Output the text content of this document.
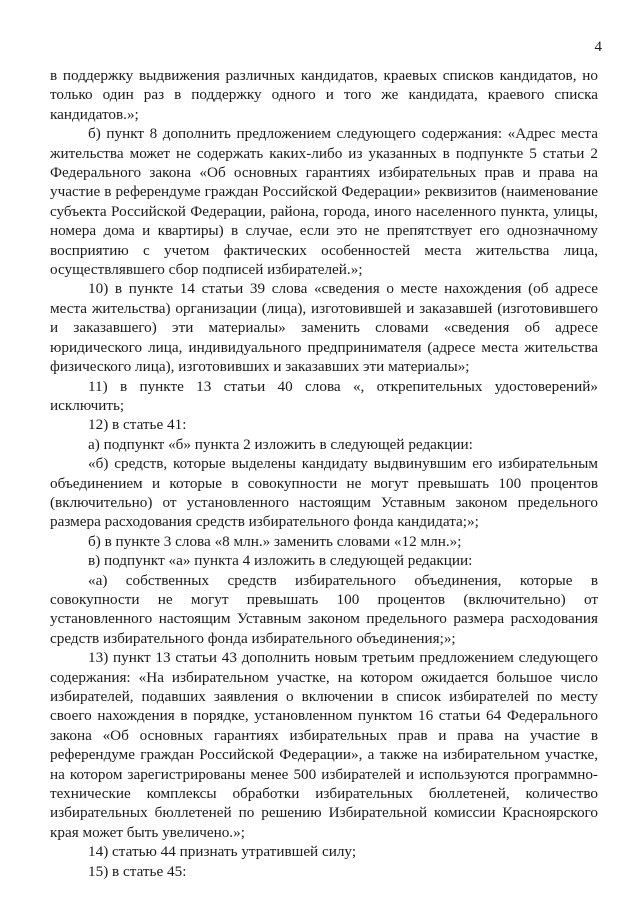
4

в поддержку выдвижения различных кандидатов, краевых списков кандидатов, но только один раз в поддержку одного и того же кандидата, краевого списка кандидатов.»;

б) пункт 8 дополнить предложением следующего содержания: «Адрес места жительства может не содержать каких-либо из указанных в подпункте 5 статьи 2 Федерального закона «Об основных гарантиях избирательных прав и права на участие в референдуме граждан Российской Федерации» реквизитов (наименование субъекта Российской Федерации, района, города, иного населенного пункта, улицы, номера дома и квартиры) в случае, если это не препятствует его однозначному восприятию с учетом фактических особенностей места жительства лица, осуществлявшего сбор подписей избирателей.»;

10) в пункте 14 статьи 39 слова «сведения о месте нахождения (об адресе места жительства) организации (лица), изготовившей и заказавшей (изготовившего и заказавшего) эти материалы» заменить словами «сведения об адресе юридического лица, индивидуального предпринимателя (адресе места жительства физического лица), изготовивших и заказавших эти материалы»;

11) в пункте 13 статьи 40 слова «, открепительных удостоверений» исключить;

12) в статье 41:

а) подпункт «б» пункта 2 изложить в следующей редакции:

«б) средств, которые выделены кандидату выдвинувшим его избирательным объединением и которые в совокупности не могут превышать 100 процентов (включительно) от установленного настоящим Уставным законом предельного размера расходования средств избирательного фонда кандидата;»;

б) в пункте 3 слова «8 млн.» заменить словами «12 млн.»;

в) подпункт «а» пункта 4 изложить в следующей редакции:

«а) собственных средств избирательного объединения, которые в совокупности не могут превышать 100 процентов (включительно) от установленного настоящим Уставным законом предельного размера расходования средств избирательного фонда избирательного объединения;»;

13) пункт 13 статьи 43 дополнить новым третьим предложением следующего содержания: «На избирательном участке, на котором ожидается большое число избирателей, подавших заявления о включении в список избирателей по месту своего нахождения в порядке, установленном пунктом 16 статьи 64 Федерального закона «Об основных гарантиях избирательных прав и права на участие в референдуме граждан Российской Федерации», а также на избирательном участке, на котором зарегистрированы менее 500 избирателей и используются программно-технические комплексы обработки избирательных бюллетеней, количество избирательных бюллетеней по решению Избирательной комиссии Красноярского края может быть увеличено.»;

14) статью 44 признать утратившей силу;

15) в статье 45:
